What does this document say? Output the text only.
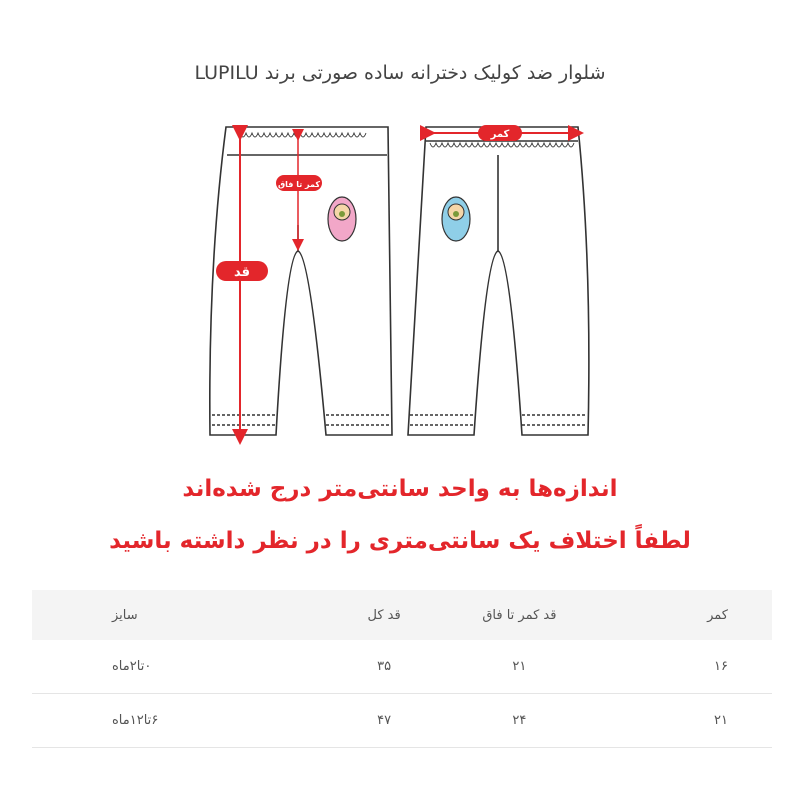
شلوار ضد کولیک دخترانه ساده صورتی برند LUPILU
قد
کمر تا فاق
کمر
اندازه‌ها به واحد سانتی‌متر درج شده‌اند
لطفاً اختلاف یک سانتی‌متری را در نظر داشته باشید
کمر	قد کمر تا فاق	قد کل	سایز
۱۶	۲۱	۳۵	۰تا۲ماه
۲۱	۲۴	۴۷	۶تا۱۲ماه
